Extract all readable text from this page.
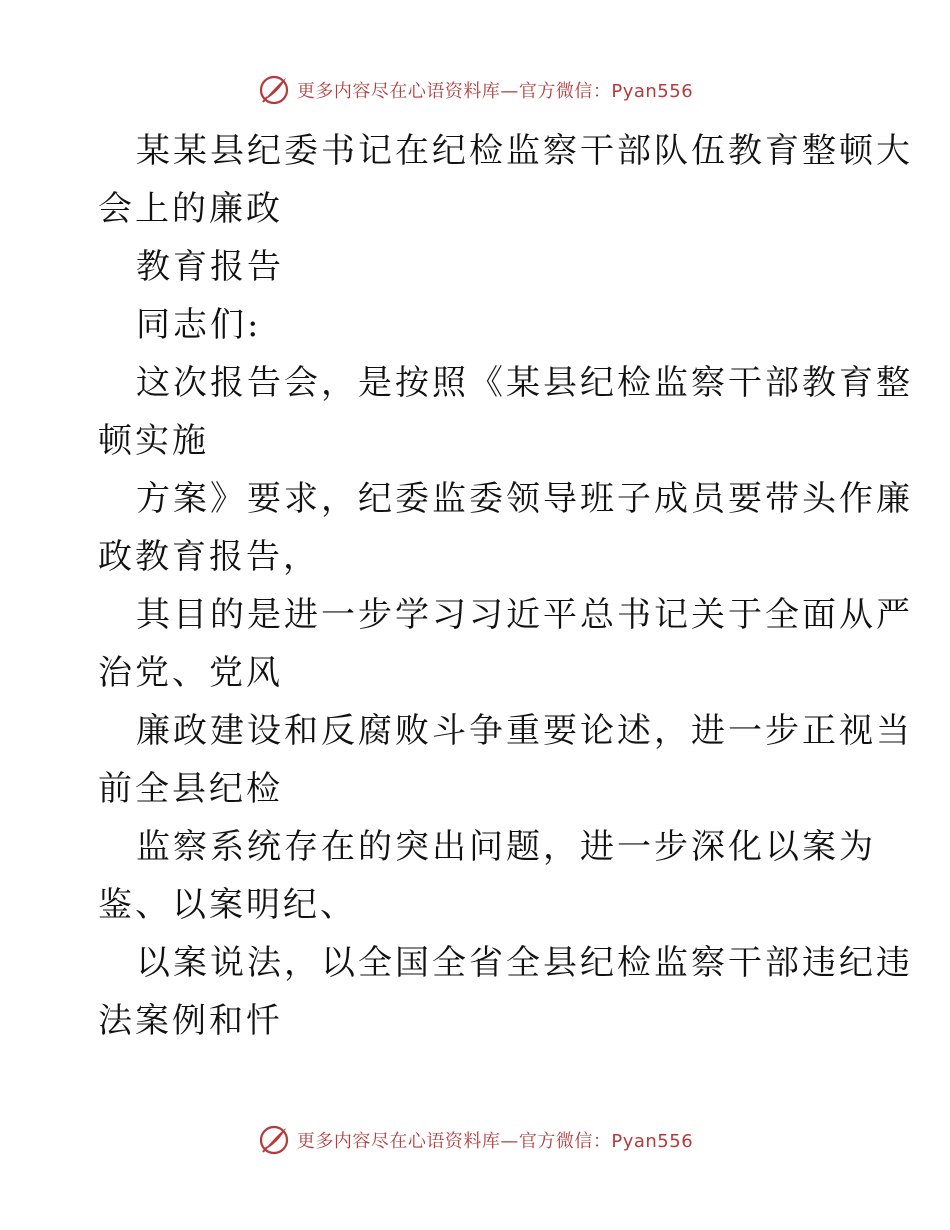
更多内容尽在心语资料库—官方微信：Pyan556
某某县纪委书记在纪检监察干部队伍教育整顿大
会上的廉政
教育报告
同志们:
这次报告会，是按照《某县纪检监察干部教育整
顿实施
方案》要求，纪委监委领导班子成员要带头作廉
政教育报告，
其目的是进一步学习习近平总书记关于全面从严
治党、党风
廉政建设和反腐败斗争重要论述，进一步正视当
前全县纪检
监察系统存在的突出问题，进一步深化以案为
鉴、以案明纪、
以案说法，以全国全省全县纪检监察干部违纪违
法案例和忏
更多内容尽在心语资料库—官方微信：Pyan556
